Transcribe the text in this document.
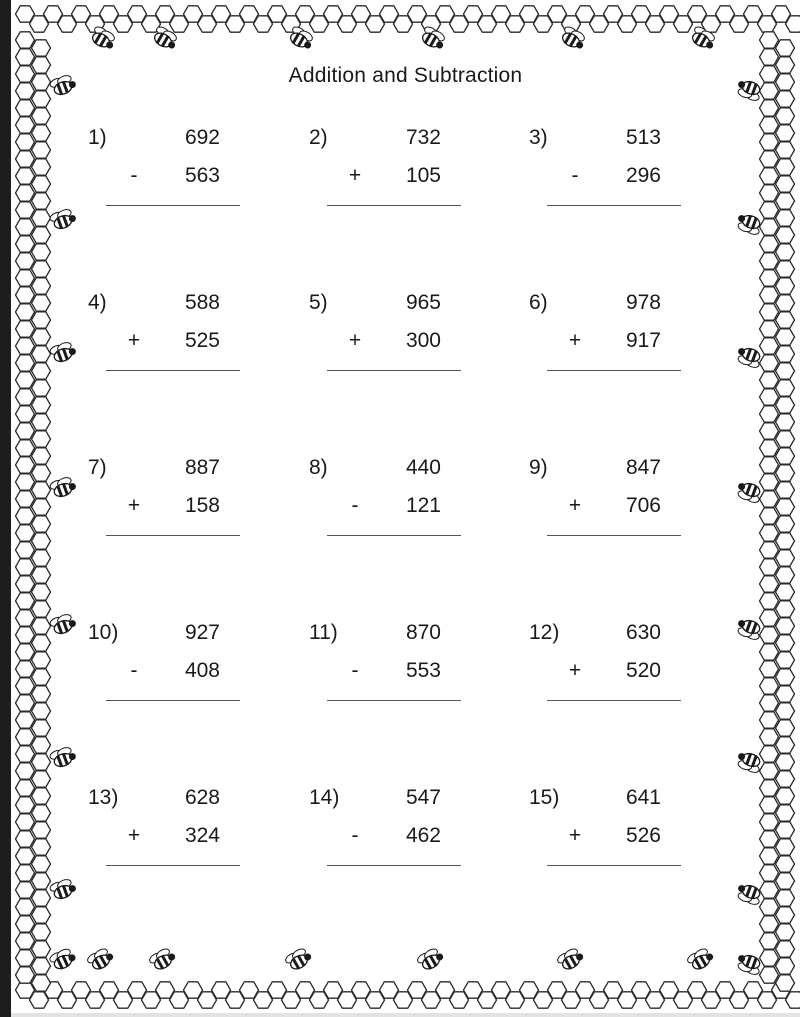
Addition and Subtraction
1)	692
-	563
2)	732
+ 105
3)	513
-	296
4)	588
+ 525
5)	965
+ 300
6)	978
+ 917
7)	887
+ 158
8)	440
-	121
9)	847
+ 706
10)	927
-	408
11)	870
-	553
12)	630
+ 520
13)	628
+ 324
14)	547
-	462
15)	641
+ 526
